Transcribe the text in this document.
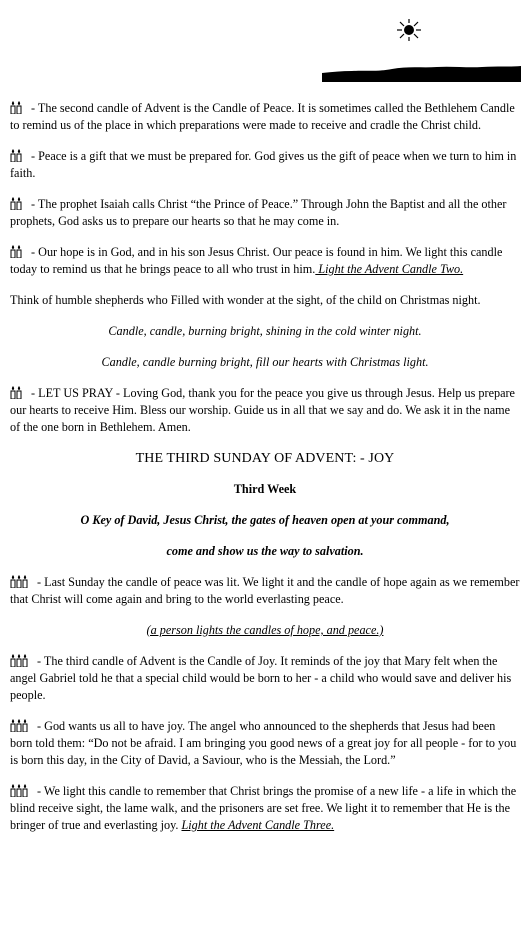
- The second candle of Advent is the Candle of Peace. It is sometimes called the Bethlehem Candle to remind us of the place in which preparations were made to receive and cradle the Christ child.

- Peace is a gift that we must be prepared for. God gives us the gift of peace when we turn to him in faith.

- The prophet Isaiah calls Christ “the Prince of Peace.” Through John the Baptist and all the other prophets, God asks us to prepare our hearts so that he may come in.

- Our hope is in God, and in his son Jesus Christ. Our peace is found in him. We light this candle today to remind us that he brings peace to all who trust in him. Light the Advent Candle Two.

Think of humble shepherds who Filled with wonder at the sight, of the child on Christmas night.

Candle, candle, burning bright, shining in the cold winter night.

Candle, candle burning bright, fill our hearts with Christmas light.

- LET US PRAY - Loving God, thank you for the peace you give us through Jesus. Help us prepare our hearts to receive Him. Bless our worship. Guide us in all that we say and do. We ask it in the name of the one born in Bethlehem. Amen.

THE THIRD SUNDAY OF ADVENT: - JOY

Third Week

O Key of David, Jesus Christ, the gates of heaven open at your command,

come and show us the way to salvation.

- Last Sunday the candle of peace was lit. We light it and the candle of hope again as we remember that Christ will come again and bring to the world everlasting peace.

(a person lights the candles of hope, and peace.)

- The third candle of Advent is the Candle of Joy. It reminds of the joy that Mary felt when the angel Gabriel told he that a special child would be born to her - a child who would save and deliver his people.

- God wants us all to have joy. The angel who announced to the shepherds that Jesus had been born told them: “Do not be afraid. I am bringing you good news of a great joy for all people - for to you is born this day, in the City of David, a Saviour, who is the Messiah, the Lord.”

- We light this candle to remember that Christ brings the promise of a new life - a life in which the blind receive sight, the lame walk, and the prisoners are set free. We light it to remember that He is the bringer of true and everlasting joy. Light the Advent Candle Three.
